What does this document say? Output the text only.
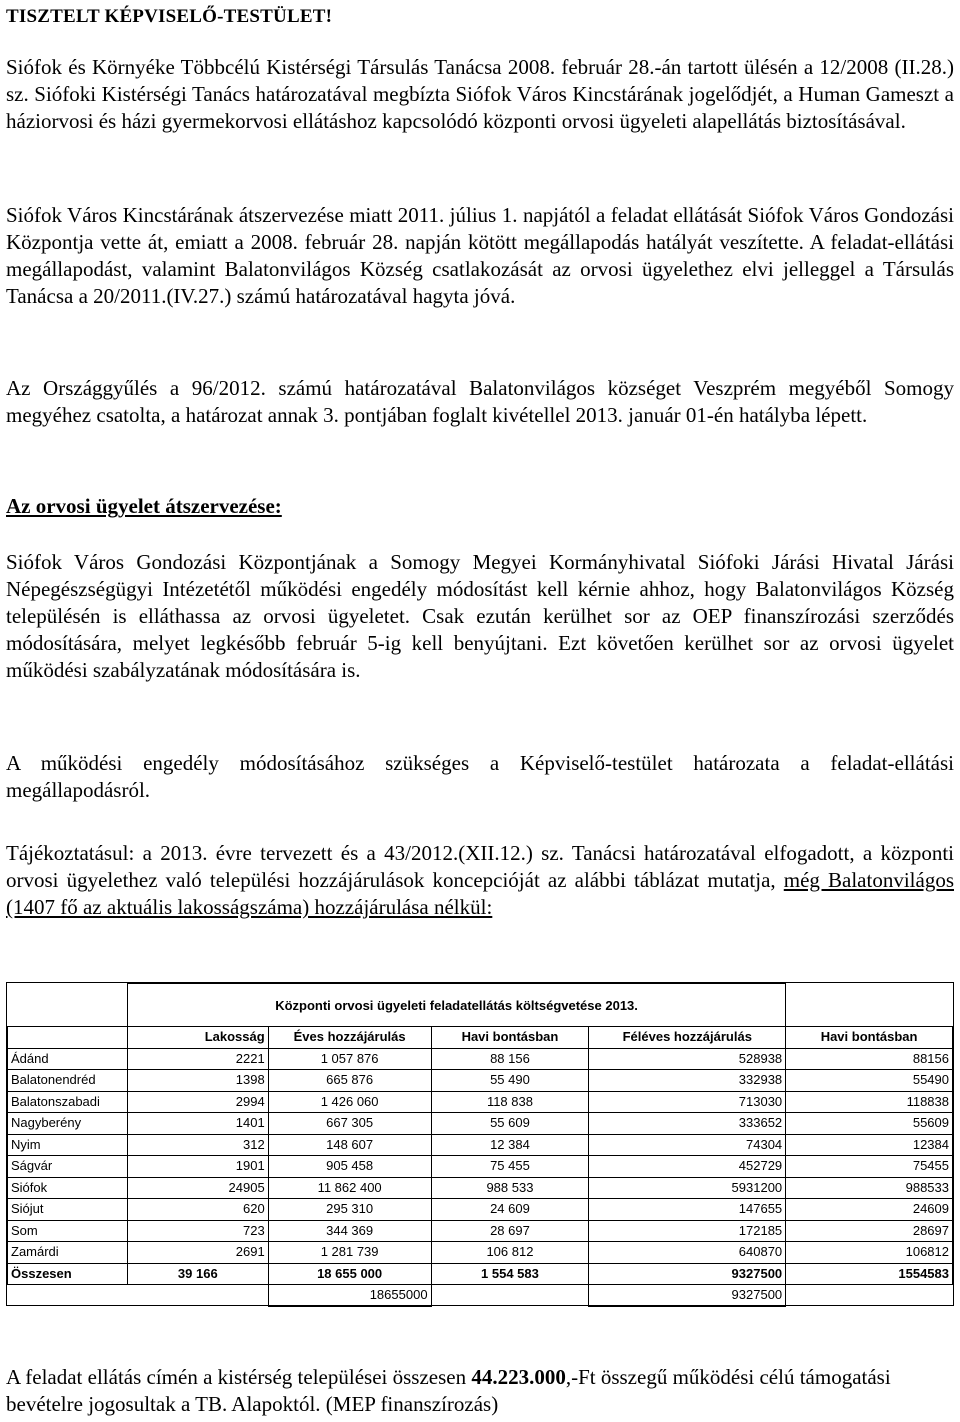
TISZTELT KÉPVISELŐ-TESTÜLET!
Siófok és Környéke Többcélú Kistérségi Társulás Tanácsa 2008. február 28.-án tartott ülésén a 12/2008 (II.28.) sz. Siófoki Kistérségi Tanács határozatával megbízta Siófok Város Kincstárának jogelődjét, a Human Gameszt a háziorvosi és házi gyermekorvosi ellátáshoz kapcsolódó központi orvosi ügyeleti alapellátás biztosításával.
Siófok Város Kincstárának átszervezése miatt 2011. július 1. napjától a feladat ellátását Siófok Város Gondozási Központja vette át, emiatt a 2008. február 28. napján kötött megállapodás hatályát veszítette. A feladat-ellátási megállapodást, valamint Balatonvilágos Község csatlakozását az orvosi ügyelethez elvi jelleggel a Társulás Tanácsa a 20/2011.(IV.27.) számú határozatával hagyta jóvá.
Az Országgyűlés a 96/2012. számú határozatával Balatonvilágos községet Veszprém megyéből Somogy megyéhez csatolta, a határozat annak 3. pontjában foglalt kivétellel 2013. január 01-én hatályba lépett.
Az orvosi ügyelet átszervezése:
Siófok Város Gondozási Központjának a Somogy Megyei Kormányhivatal Siófoki Járási Hivatal Járási Népegészségügyi Intézetétől működési engedély módosítást kell kérnie ahhoz, hogy Balatonvilágos Község településén is elláthassa az orvosi ügyeletet. Csak ezután kerülhet sor az OEP finanszírozási szerződés módosítására, melyet legkésőbb február 5-ig kell benyújtani. Ezt követően kerülhet sor az orvosi ügyelet működési szabályzatának módosítására is.
A működési engedély módosításához szükséges a Képviselő-testület határozata a feladat-ellátási megállapodásról.
Tájékoztatásul: a 2013. évre tervezett és a 43/2012.(XII.12.) sz. Tanácsi határozatával elfogadott, a központi orvosi ügyelethez való települési hozzájárulások koncepcióját az alábbi táblázat mutatja, még Balatonvilágos (1407 fő az aktuális lakosságszáma) hozzájárulása nélkül:
	Központi orvosi ügyeleti feladatellátás költségvetése 2013.				
	Lakosság	Éves hozzájárulás	Havi bontásban	Féléves hozzájárulás	Havi bontásban
Ádánd	2221	1 057 876	88 156	528938	88156
Balatonendréd	1398	665 876	55 490	332938	55490
Balatonszabadi	2994	1 426 060	118 838	713030	118838
Nagyberény	1401	667 305	55 609	333652	55609
Nyim	312	148 607	12 384	74304	12384
Ságvár	1901	905 458	75 455	452729	75455
Siófok	24905	11 862 400	988 533	5931200	988533
Siójut	620	295 310	24 609	147655	24609
Som	723	344 369	28 697	172185	28697
Zamárdi	2691	1 281 739	106 812	640870	106812
Összesen	39 166	18 655 000	1 554 583	9327500	1554583
		18655000		9327500	
A feladat ellátás címén a kistérség települései összesen 44.223.000,-Ft összegű működési célú támogatási bevételre jogosultak a TB. Alapoktól. (MEP finanszírozás)
